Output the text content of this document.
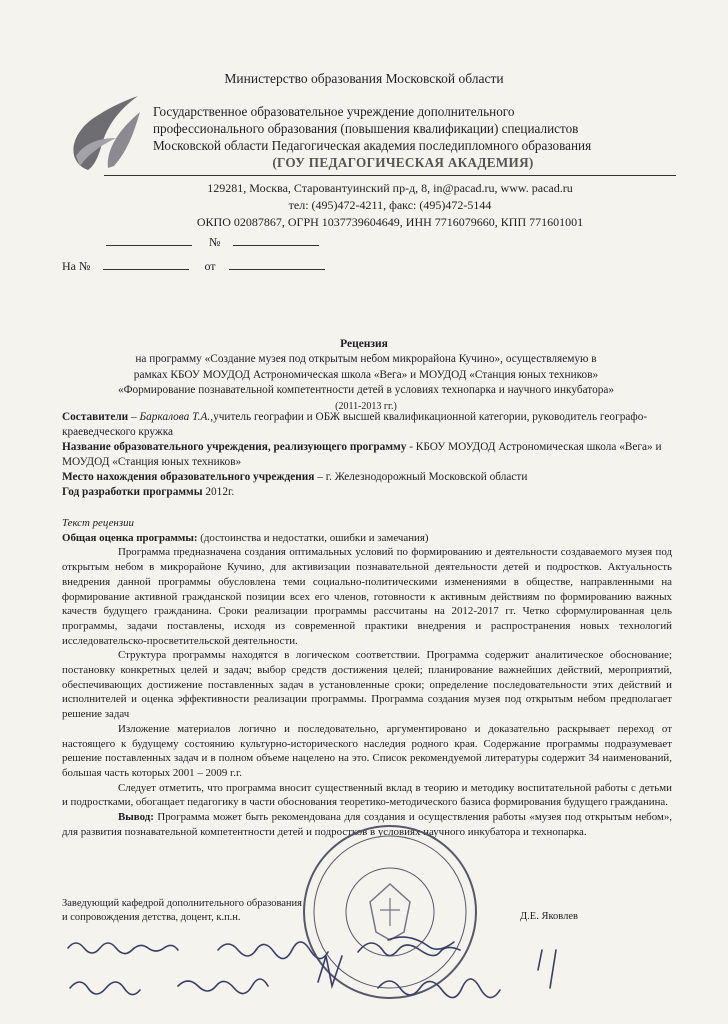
Министерство образования Московской области
Государственное образовательное учреждение дополнительного
профессионального образования (повышения квалификации) специалистов
Московской области Педагогическая академия последипломного образования
(ГОУ ПЕДАГОГИЧЕСКАЯ АКАДЕМИЯ)
129281, Москва, Старовантуинский пр-д, 8, in@pacad.ru, www. pacad.ru
тел: (495)472-4211, факс: (495)472-5144
ОКПО 02087867, ОГРН 1037739604649, ИНН 7716079660, КПП 771601001
№
На №	от
Рецензия
на программу «Создание музея под открытым небом микрорайона Кучино», осуществляемую в
рамках КБОУ МОУДОД Астрономическая школа «Вега» и МОУДОД «Станция юных техников»
«Формирование познавательной компетентности детей в условиях технопарка и научного инкубатора»
(2011-2013 гг.)

Составители – Баркалова Т.А.,учитель географии и ОБЖ высшей квалификационной категории, руководитель географо-краеведческого кружка

Название образовательного учреждения, реализующего программу - КБОУ МОУДОД Астрономическая школа «Вега» и МОУДОД «Станция юных техников»

Место нахождения образовательного учреждения – г. Железнодорожный Московской области

Год разработки программы 2012г.

Текст рецензии

Общая оценка программы: (достоинства и недостатки, ошибки и замечания)

Программа предназначена создания оптимальных условий по формированию и деятельности создаваемого музея под открытым небом в микрорайоне Кучино, для активизации познавательной деятельности детей и подростков. Актуальность внедрения данной программы обусловлена теми социально-политическими изменениями в обществе, направленными на формирование активной гражданской позиции всех его членов, готовности к активным действиям по формированию важных качеств будущего гражданина. Сроки реализации программы рассчитаны на 2012-2017 гг. Четко сформулированная цель программы, задачи поставлены, исходя из современной практики внедрения и распространения новых технологий исследовательско-просветительской деятельности.

Структура программы находятся в логическом соответствии. Программа содержит аналитическое обоснование; постановку конкретных целей и задач; выбор средств достижения целей; планирование важнейших действий, мероприятий, обеспечивающих достижение поставленных задач в установленные сроки; определение последовательности этих действий и исполнителей и оценка эффективности реализации программы. Программа создания музея под открытым небом предполагает решение задач

Изложение материалов логично и последовательно, аргументировано и доказательно раскрывает переход от настоящего к будущему состоянию культурно-исторического наследия родного края. Содержание программы подразумевает решение поставленных задач и в полном объеме нацелено на это. Список рекомендуемой литературы содержит 34 наименований, большая часть которых 2001 – 2009 г.г.

Следует отметить, что программа вносит существенный вклад в теорию и методику воспитательной работы с детьми и подростками, обогащает педагогику в части обоснования теоретико-методического базиса формирования будущего гражданина.

Вывод: Программа может быть рекомендована для создания и осуществления работы «музея под открытым небом», для развития познавательной компетентности детей и подростков в условиях научного инкубатора и технопарка.

Заведующий кафедрой дополнительного образования
и сопровождения детства, доцент, к.п.н.	Д.Е. Яковлев
